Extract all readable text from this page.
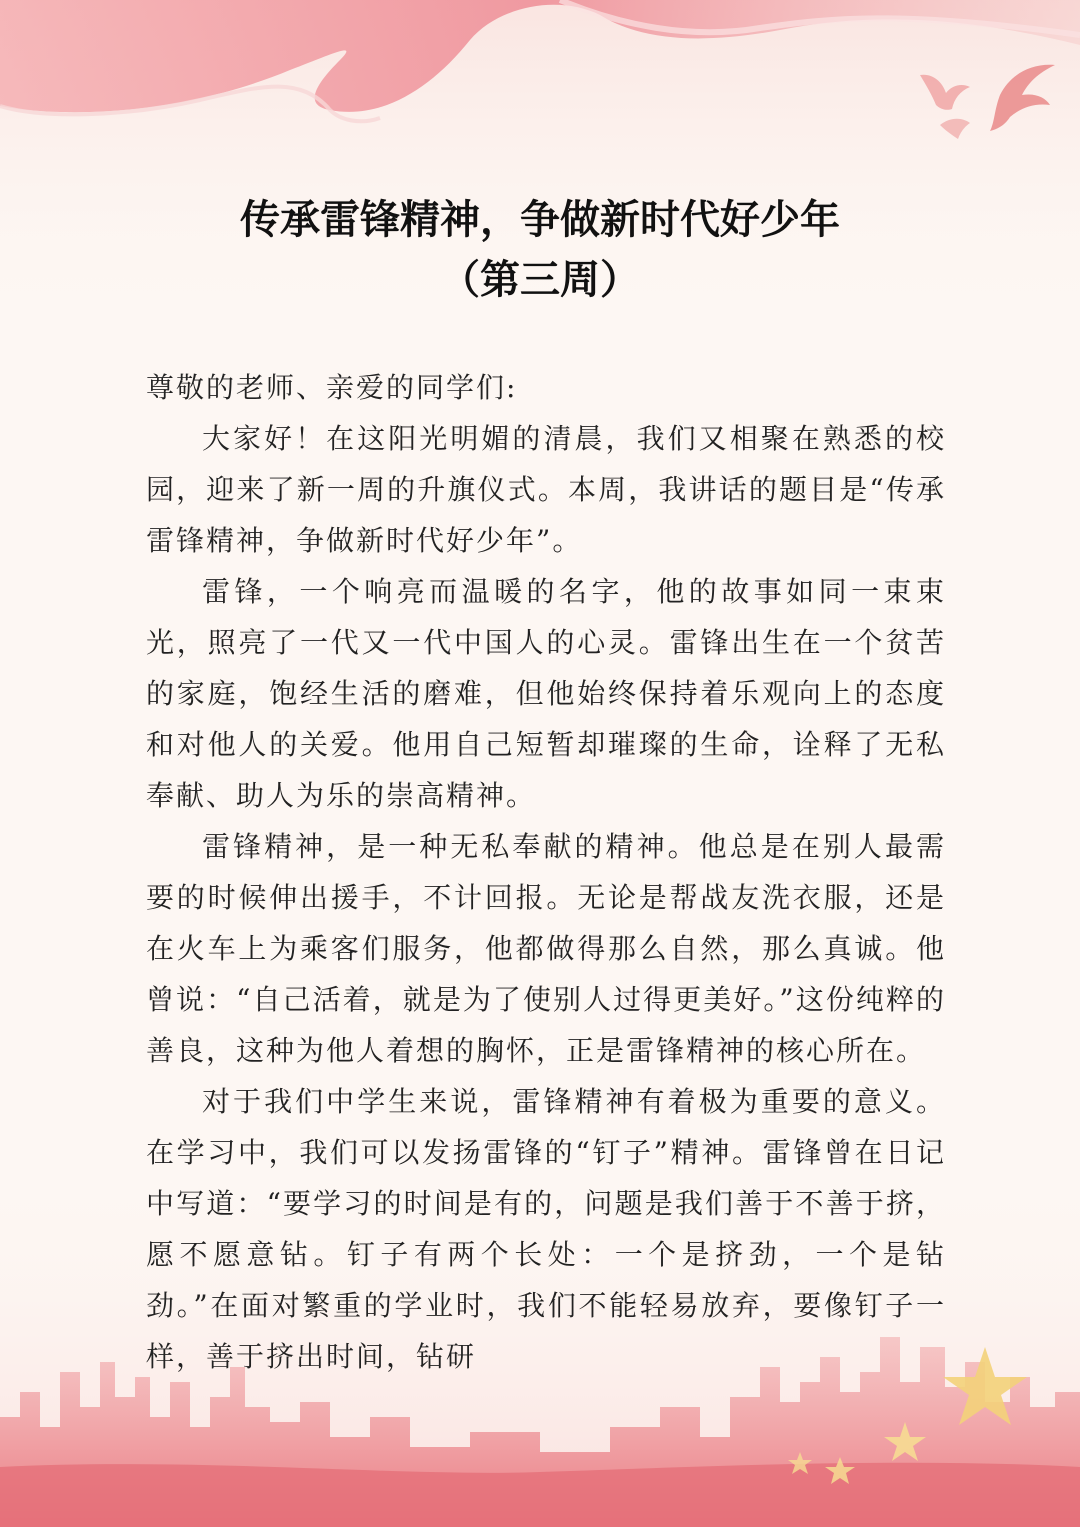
传承雷锋精神，争做新时代好少年
（第三周）

尊敬的老师、亲爱的同学们:

大家好！在这阳光明媚的清晨，我们又相聚在熟悉的校园，迎来了新一周的升旗仪式。本周，我讲话的题目是“传承雷锋精神，争做新时代好少年”。

雷锋，一个响亮而温暖的名字，他的故事如同一束束光，照亮了一代又一代中国人的心灵。雷锋出生在一个贫苦的家庭，饱经生活的磨难，但他始终保持着乐观向上的态度和对他人的关爱。他用自己短暂却璀璨的生命，诠释了无私奉献、助人为乐的崇高精神。

雷锋精神，是一种无私奉献的精神。他总是在别人最需要的时候伸出援手，不计回报。无论是帮战友洗衣服，还是在火车上为乘客们服务，他都做得那么自然，那么真诚。他曾说：“自己活着，就是为了使别人过得更美好。”这份纯粹的善良，这种为他人着想的胸怀，正是雷锋精神的核心所在。

对于我们中学生来说，雷锋精神有着极为重要的意义。在学习中，我们可以发扬雷锋的“钉子”精神。雷锋曾在日记中写道：“要学习的时间是有的，问题是我们善于不善于挤，愿不愿意钻。钉子有两个长处：一个是挤劲，一个是钻劲。”在面对繁重的学业时，我们不能轻易放弃，要像钉子一样，善于挤出时间，钻研
